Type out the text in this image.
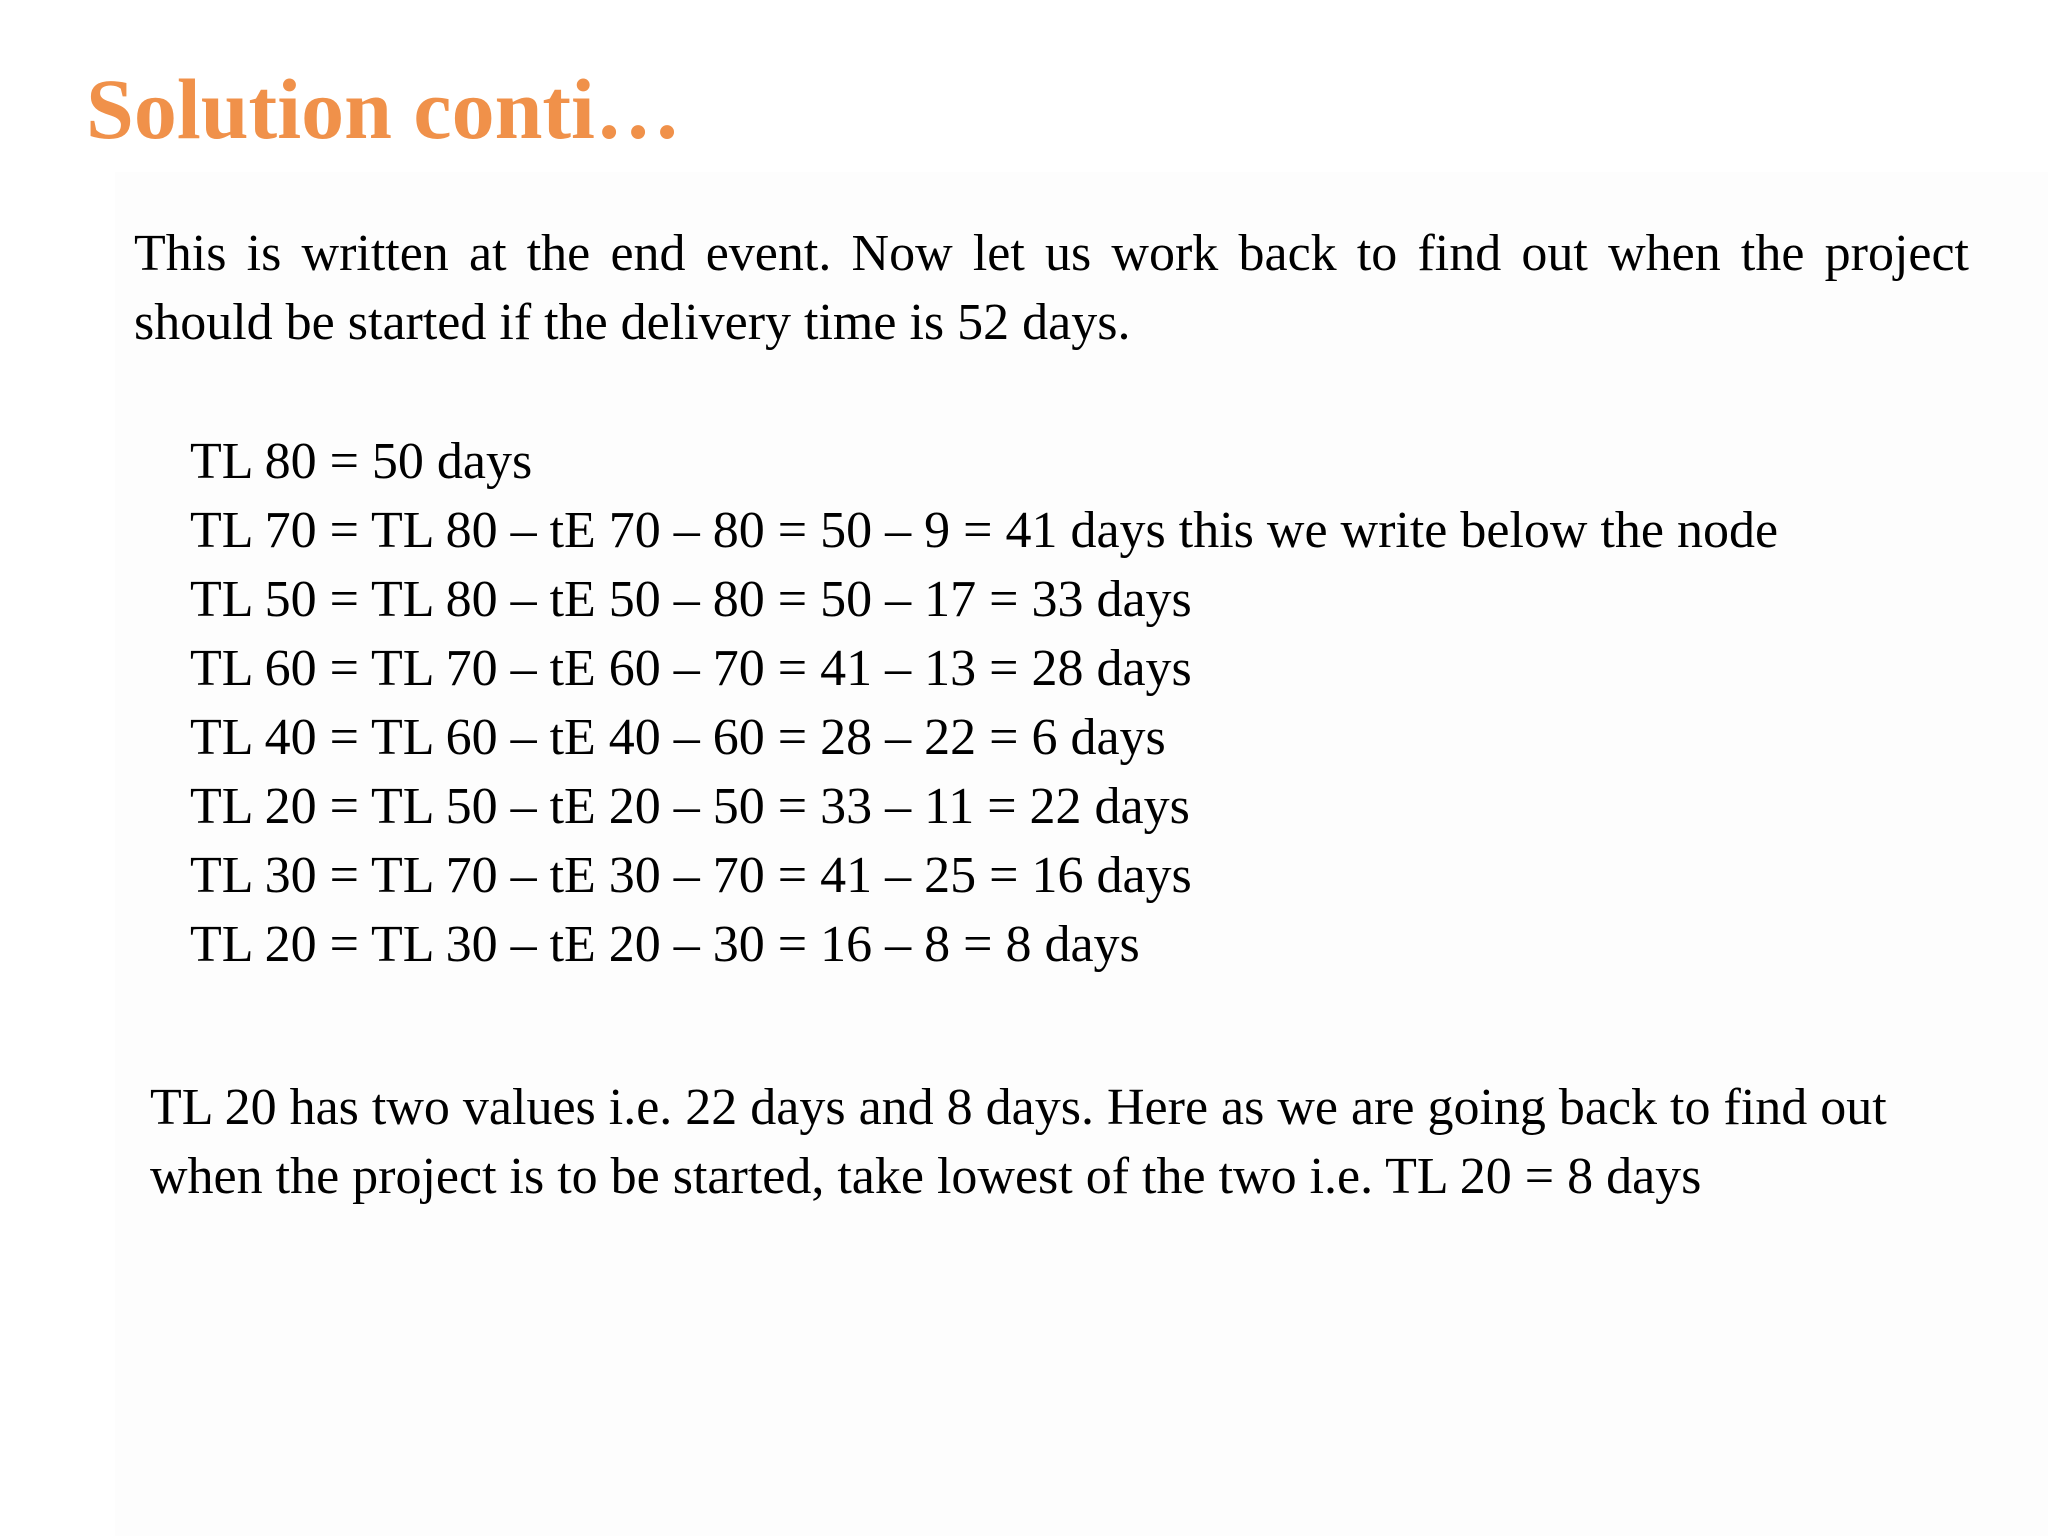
Solution conti…

This is written at the end event. Now let us work back to find out when the project should be started if the delivery time is 52 days.

TL 80 = 50 days
TL 70 = TL 80 – tE 70 – 80 = 50 – 9 = 41 days this we write below the node
TL 50 = TL 80 – tE 50 – 80 = 50 – 17 = 33 days
TL 60 = TL 70 – tE 60 – 70 = 41 – 13 = 28 days
TL 40 = TL 60 – tE 40 – 60 = 28 – 22 = 6 days
TL 20 = TL 50 – tE 20 – 50 = 33 – 11 = 22 days
TL 30 = TL 70 – tE 30 – 70 = 41 – 25 = 16 days
TL 20 = TL 30 – tE 20 – 30 = 16 – 8 = 8 days

TL 20 has two values i.e. 22 days and 8 days. Here as we are going back to find out when the project is to be started, take lowest of the two i.e. TL 20 = 8 days
